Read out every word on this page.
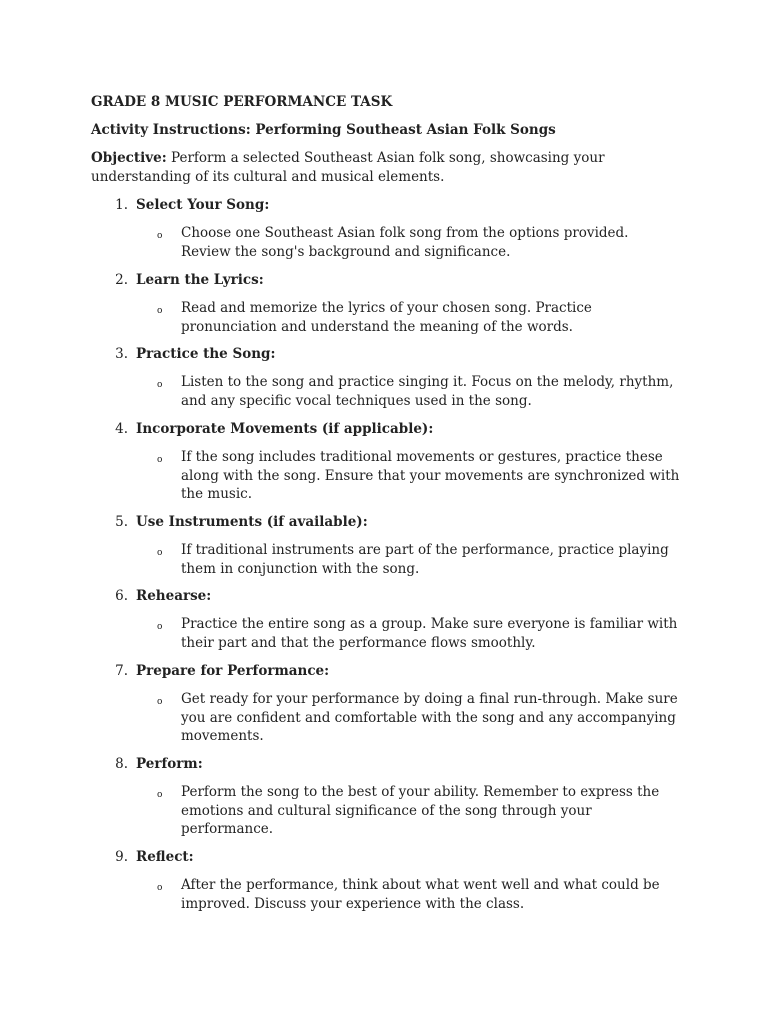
GRADE 8 MUSIC PERFORMANCE TASK
Activity Instructions: Performing Southeast Asian Folk Songs
Objective: Perform a selected Southeast Asian folk song, showcasing your understanding of its cultural and musical elements.
1. Select Your Song:
o Choose one Southeast Asian folk song from the options provided. Review the song's background and significance.
2. Learn the Lyrics:
o Read and memorize the lyrics of your chosen song. Practice pronunciation and understand the meaning of the words.
3. Practice the Song:
o Listen to the song and practice singing it. Focus on the melody, rhythm, and any specific vocal techniques used in the song.
4. Incorporate Movements (if applicable):
o If the song includes traditional movements or gestures, practice these along with the song. Ensure that your movements are synchronized with the music.
5. Use Instruments (if available):
o If traditional instruments are part of the performance, practice playing them in conjunction with the song.
6. Rehearse:
o Practice the entire song as a group. Make sure everyone is familiar with their part and that the performance flows smoothly.
7. Prepare for Performance:
o Get ready for your performance by doing a final run-through. Make sure you are confident and comfortable with the song and any accompanying movements.
8. Perform:
o Perform the song to the best of your ability. Remember to express the emotions and cultural significance of the song through your performance.
9. Reflect:
o After the performance, think about what went well and what could be improved. Discuss your experience with the class.
